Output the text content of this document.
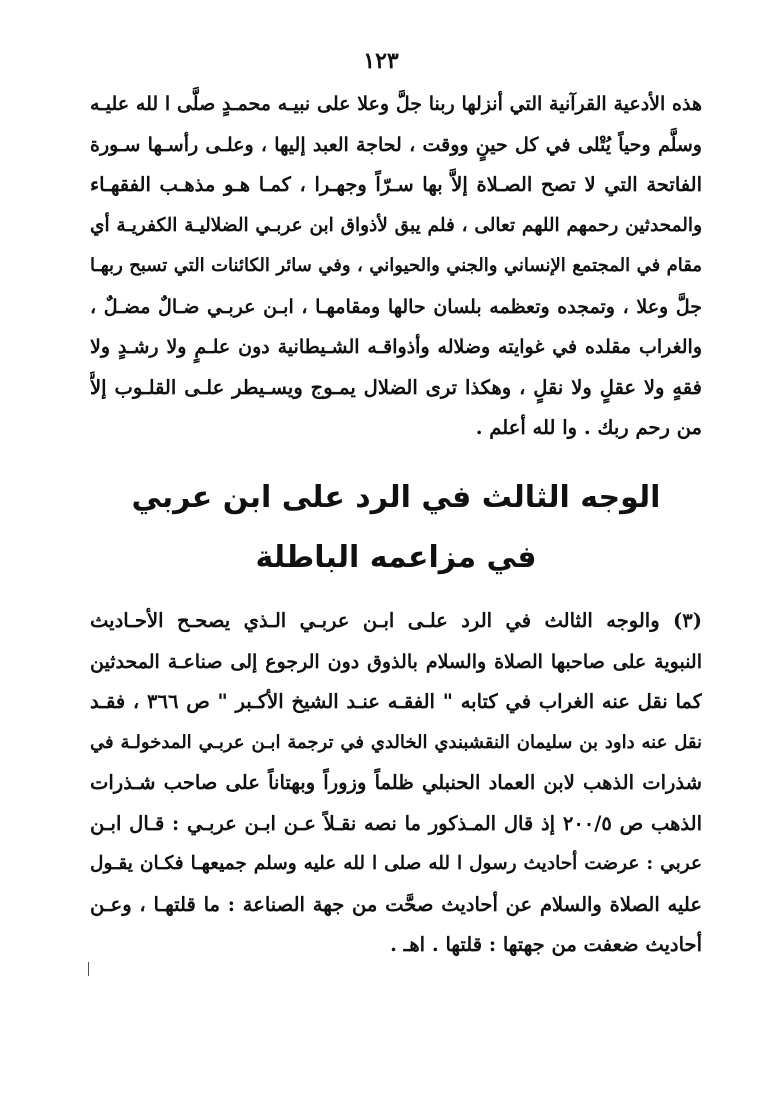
١٢٣
هذه الأدعية القرآنية التي أنزلها ربنا جلَّ وعلا على نبيـه محمـدٍ صلَّى ا لله عليـه
وسلَّم وحياً يُتْلى في كل حينٍ ووقت ، لحاجة العبد إليها ، وعلـى رأسـها سـورة
الفاتحة التي لا تصح الصـلاة إلاَّ بها سـرّاً وجهـرا ، كمـا هـو مذهـب الفقهـاء
والمحدثين رحمهم اللهم تعالى ، فلم يبق لأذواق ابن عربـي الضلاليـة الكفريـة أي
مقام في المجتمع الإنساني والجني والحيواني ، وفي سائر الكائنات التي تسبح ربهـا
جلَّ وعلا ، وتمجده وتعظمه بلسان حالها ومقامهـا ، ابـن عربـي ضـالٌ مضـلٌ ،
والغراب مقلده في غوايته وضلاله وأذواقـه الشـيطانية دون علـمٍ ولا رشـدٍ ولا
فقهٍ ولا عقلٍ ولا نقلٍ ، وهكذا ترى الضلال يمـوج ويسـيطر علـى القلـوب إلاَّ
من رحم ربك . وا لله أعلم .
الوجه الثالث في الرد على ابن عربي
في مزاعمه الباطلة
(٣) والوجه الثالث في الرد علـى ابـن عربـي الـذي يصحـح الأحـاديث
النبوية على صاحبها الصلاة والسلام بالذوق دون الرجوع إلى صناعـة المحدثين
كما نقل عنه الغراب في كتابه " الفقـه عنـد الشيخ الأكـبر " ص ٣٦٦ ، فقـد
نقل عنه داود بن سليمان النقشبندي الخالدي في ترجمة ابـن عربـي المدخولـة في
شذرات الذهب لابن العماد الحنبلي ظلماً وزوراً وبهتاناً على صاحب شـذرات
الذهب ص ٢٠٠/٥ إذ قال المـذكور ما نصه نقـلاً عـن ابـن عربـي : قـال ابـن
عربي : عرضت أحاديث رسول ا لله صلى ا لله عليه وسلم جميعهـا فكـان يقـول
عليه الصلاة والسلام عن أحاديث صحَّت من جهة الصناعة : ما قلتهـا ، وعـن
أحاديث ضعفت من جهتها : قلتها . اهـ .
